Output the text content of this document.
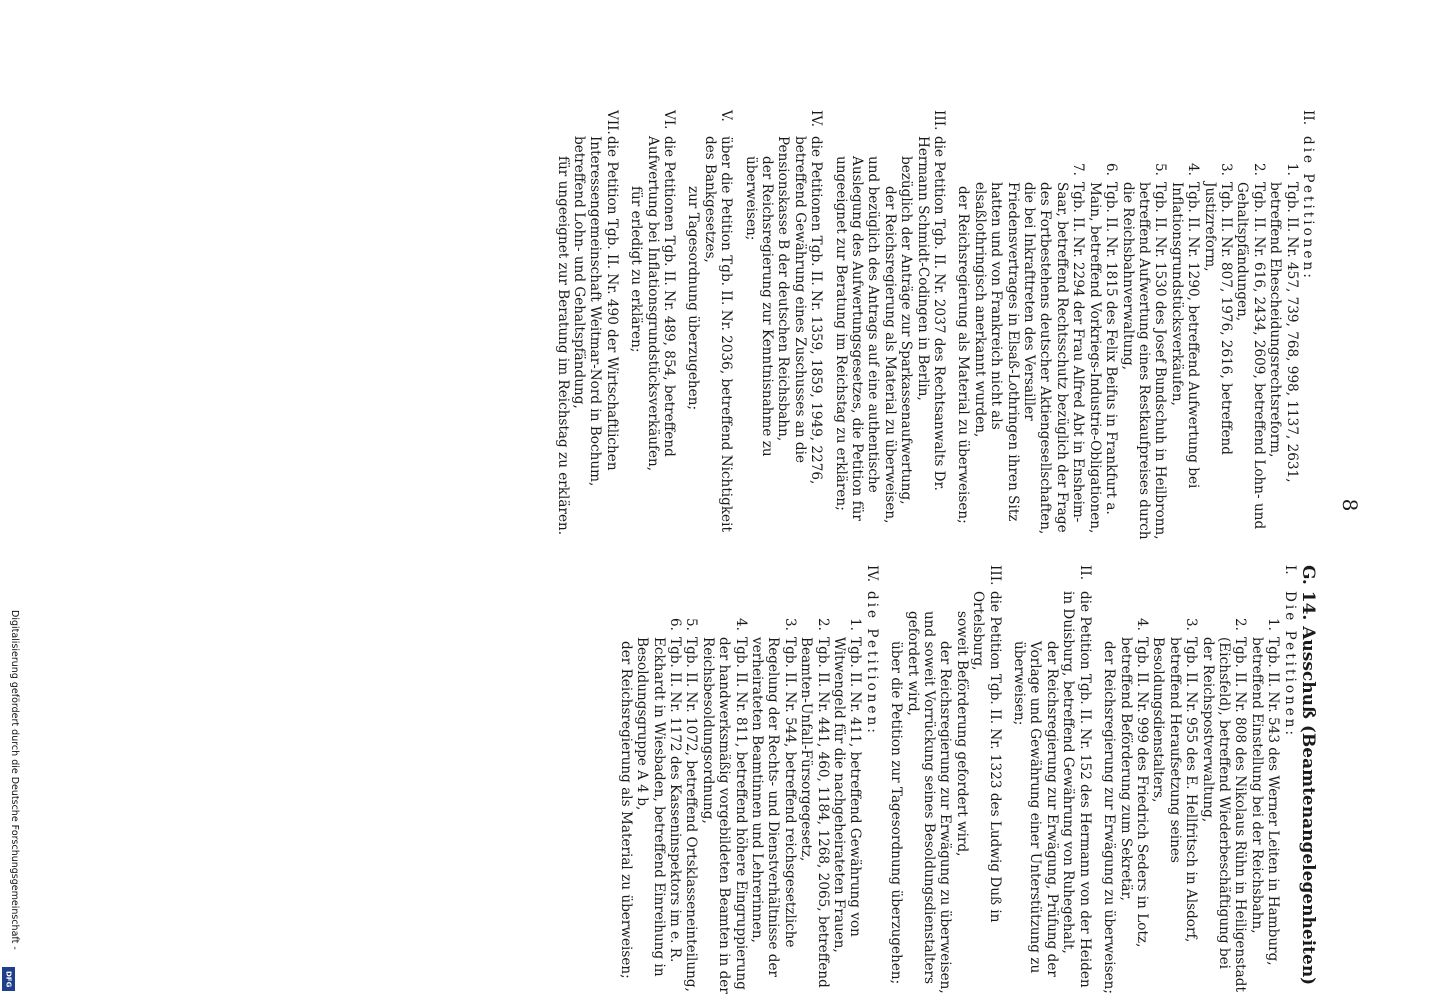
8
II.
die Petitionen:
1.
Tgb. II. Nr. 457, 739, 768, 998, 1137, 2631, betreffend Ehescheidungsrechtsreform,
2.
Tgb. II. Nr. 616, 2434, 2609, betreffend Lohn- und Gehaltspfändungen,
3.
Tgb. II. Nr. 807, 1976, 2616, betreffend Justizreform,
4.
Tgb. II. Nr. 1290, betreffend Aufwertung bei Inflationsgrundstücksverkäufen,
5.
Tgb. II. Nr. 1530 des Josef Bundschuh in Heilbronn, betreffend Aufwertung eines Restkaufpreises durch die Reichsbahnverwaltung,
6.
Tgb. II. Nr. 1815 des Felix Beifus in Frankfurt a. Main, betreffend Vorkriegs-Industrie-Obligationen,
7.
Tgb. II. Nr. 2294 der Frau Alfred Abt in Ensheim-Saar, betreffend Rechtsschutz bezüglich der Frage des Fortbestehens deutscher Aktiengesellschaften, die bei Inkrafttreten des Versailler Friedensvertrages in Elsaß-Lothringen ihren Sitz hatten und von Frankreich nicht als elsaßlothringisch anerkannt wurden,

der Reichsregierung als Material zu überweisen;

III.
die Petition Tgb. II. Nr. 2037 des Rechtsanwalts Dr. Hermann Schmidt-Codingen in Berlin,

bezüglich der Anträge zur Sparkassenaufwertung,

der Reichsregierung als Material zu überweisen,

und bezüglich des Antrags auf eine authentische Auslegung des Aufwertungsgesetzes, die Petition für ungeeignet zur Beratung im Reichstag zu erklären;

IV.
die Petitionen Tgb. II. Nr. 1359, 1859, 1949, 2276, betreffend Gewährung eines Zuschusses an die Pensionskasse B der deutschen Reichsbahn,

der Reichsregierung zur Kenntnisnahme zu überweisen;

V.
über die Petition Tgb. II. Nr. 2036, betreffend Nichtigkeit des Bankgesetzes,

zur Tagesordnung überzugehen;

VI.
die Petitionen Tgb. II. Nr. 489, 854, betreffend Aufwertung bei Inflationsgrundstücksverkäufen,

für erledigt zu erklären;

VII.
die Petition Tgb. II. Nr. 490 der Wirtschaftlichen Interessengemeinschaft Weitmar-Nord in Bochum, betreffend Lohn- und Gehaltspfändung,

für ungeeignet zur Beratung im Reichstag zu erklären.

G. 14. Ausschuß (Beamtenangelegenheiten)
I.
Die Petitionen:
1.
Tgb. II. Nr. 543 des Werner Leiten in Hamburg, betreffend Einstellung bei der Reichsbahn,
2.
Tgb. II. Nr. 808 des Nikolaus Rühn in Heiligenstadt (Eichsfeld), betreffend Wiederbeschäftigung bei der Reichspostverwaltung,
3.
Tgb. II. Nr. 955 des E. Hellfritsch in Alsdorf, betreffend Heraufsetzung seines Besoldungsdienstalters,
4.
Tgb. II. Nr. 999 des Friedrich Seders in Lotz, betreffend Beförderung zum Sekretär,

der Reichsregierung zur Erwägung zu überweisen;

II.
die Petition Tgb. II. Nr. 152 des Hermann von der Heiden in Duisburg, betreffend Gewährung von Ruhegehalt,

der Reichsregierung zur Erwägung, Prüfung der Vorlage und Gewährung einer Unterstützung zu überweisen;

III.
die Petition Tgb. II. Nr. 1323 des Ludwig Duß in Ortelsburg,

soweit Beförderung gefordert wird,

der Reichsregierung zur Erwägung zu überweisen,

und soweit Vorrückung seines Besoldungsdienstalters gefordert wird,

über die Petition zur Tagesordnung überzugehen;

IV.
die Petitionen:
1.
Tgb. II. Nr. 411, betreffend Gewährung von Witwengeld für die nachgeheirateten Frauen,
2.
Tgb. II. Nr. 441, 460, 1184, 1268, 2065, betreffend Beamten-Unfall-Fürsorgegesetz,
3.
Tgb. II. Nr. 544, betreffend reichsgesetzliche Regelung der Rechts- und Dienstverhältnisse der verheirateten Beamtinnen und Lehrerinnen,
4.
Tgb. II. Nr. 811, betreffend höhere Eingruppierung der handwerksmäßig vorgebildeten Beamten in der Reichsbesoldungsordnung,
5.
Tgb. II. Nr. 1072, betreffend Ortsklasseneinteilung,
6.
Tgb. II. Nr. 1172 des Kasseninspektors im e. R. Eckhardt in Wiesbaden, betreffend Einreihung in Besoldungsgruppe A 4 b,

der Reichsregierung als Material zu überweisen;

Digitalisierung gefördert durch die Deutsche Forschungsgemeinschaft -
DFG
